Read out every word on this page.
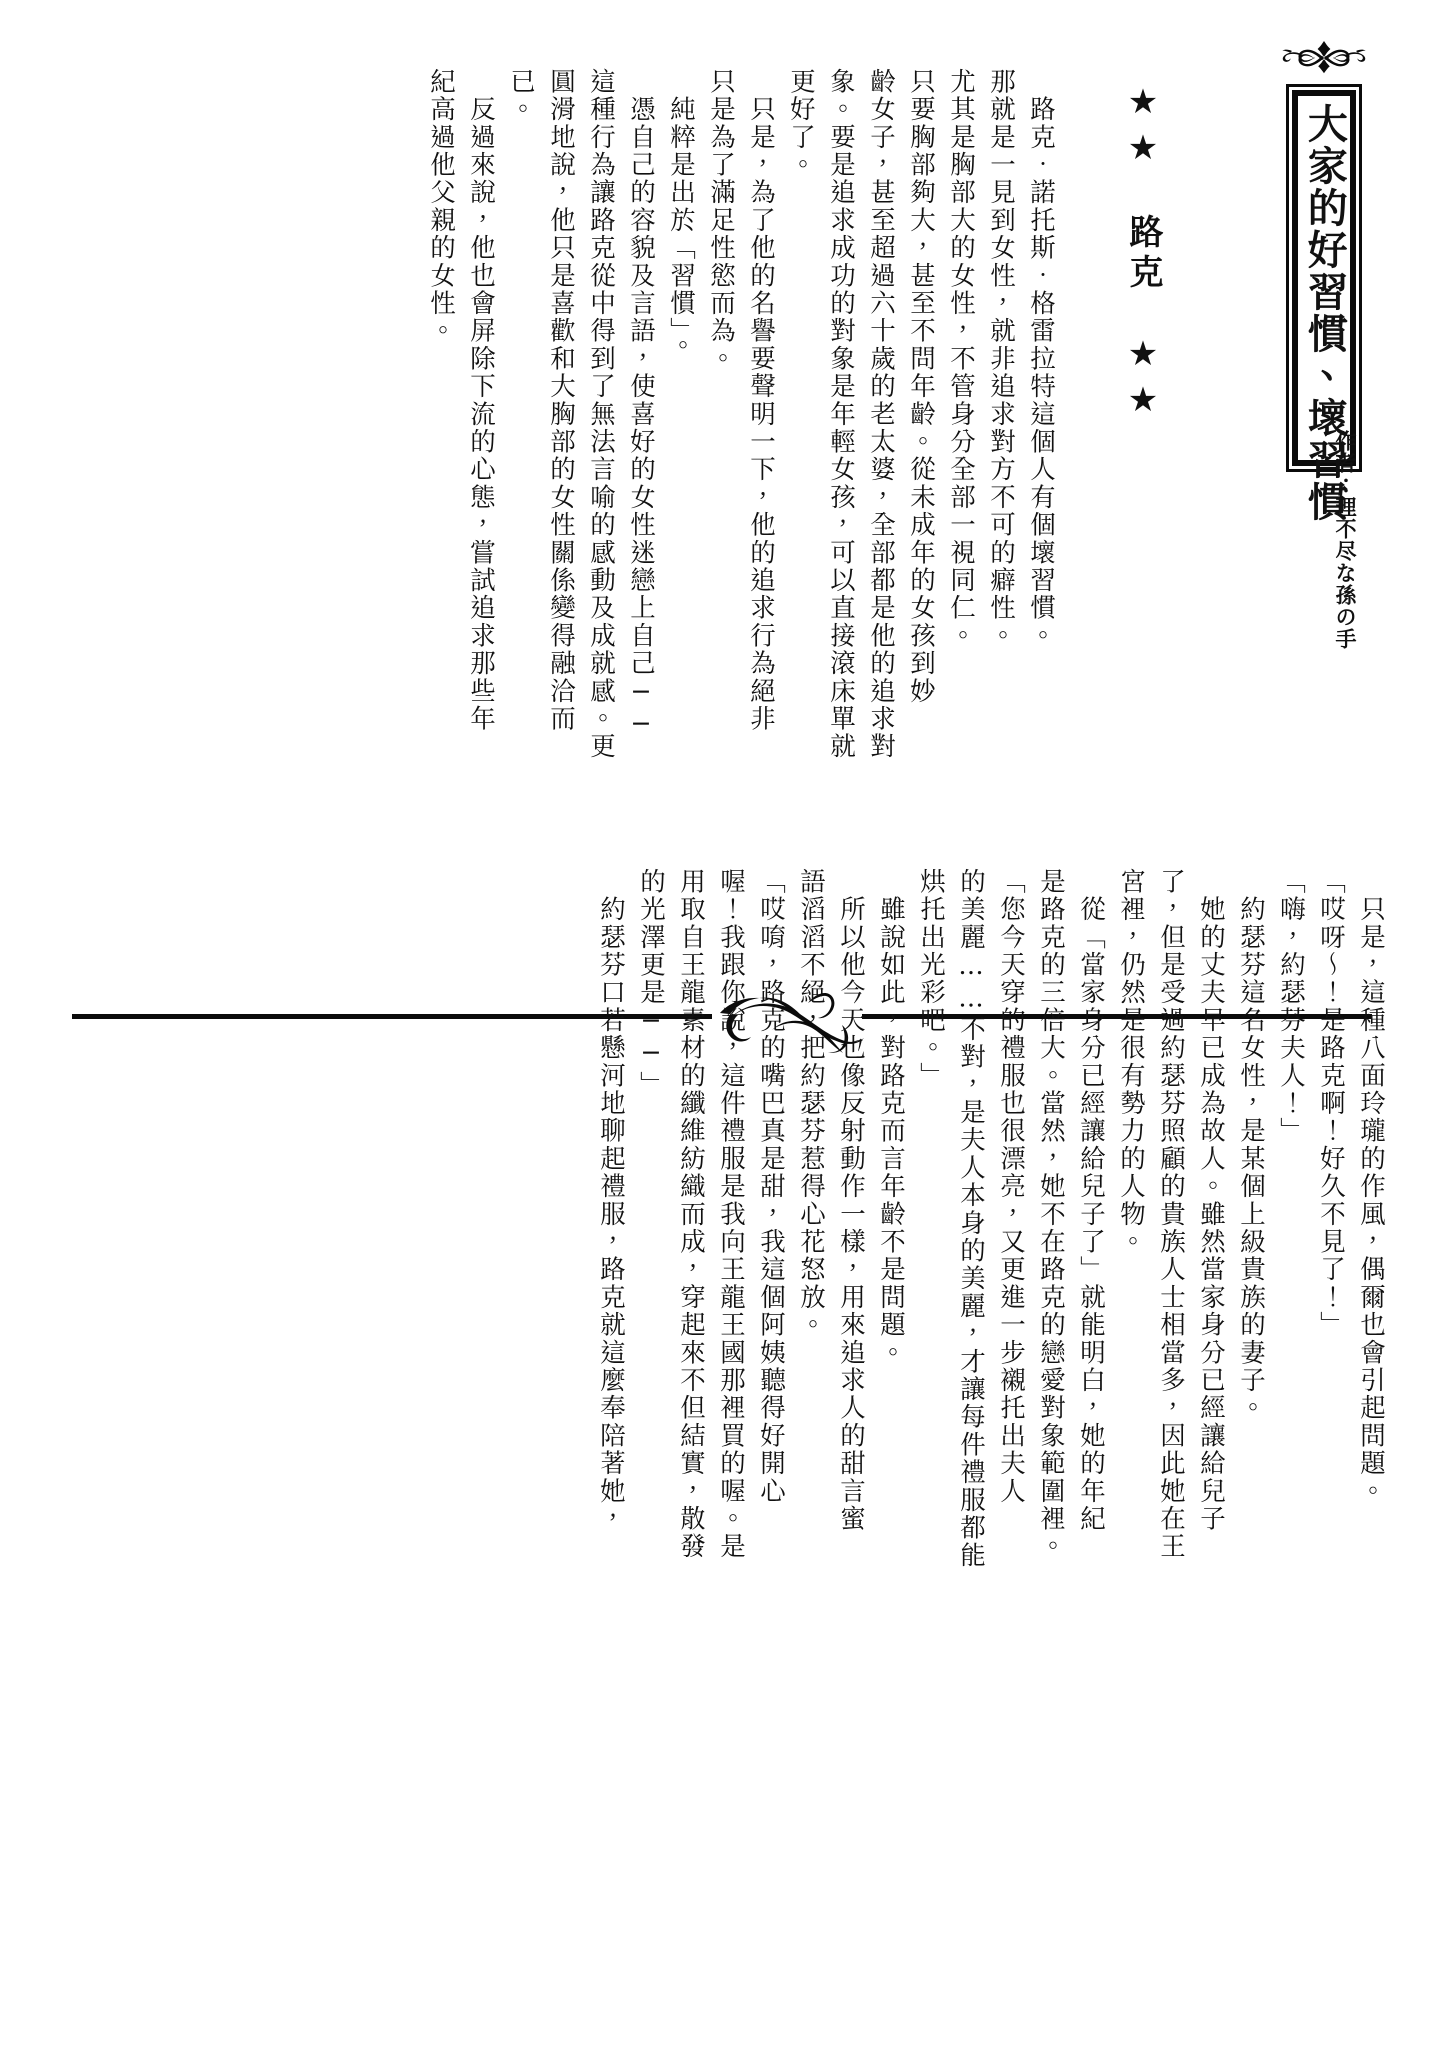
大家的好習慣、壞習慣
作者：理不尽な孫の手
★★　路克　★★
　路克‧諾托斯‧格雷拉特這個人有個壞習慣。
那就是一見到女性，就非追求對方不可的癖性。
尤其是胸部大的女性，不管身分全部一視同仁。
只要胸部夠大，甚至不問年齡。從未成年的女孩到妙
齡女子，甚至超過六十歲的老太婆，全部都是他的追求對
象。要是追求成功的對象是年輕女孩，可以直接滾床單就
更好了。
　只是，為了他的名譽要聲明一下，他的追求行為絕非
只是為了滿足性慾而為。
　純粹是出於「習慣」。
　憑自己的容貌及言語，使喜好的女性迷戀上自己──
這種行為讓路克從中得到了無法言喻的感動及成就感。更
圓滑地說，他只是喜歡和大胸部的女性關係變得融洽而
已。
　反過來說，他也會屏除下流的心態，嘗試追求那些年
紀高過他父親的女性。
　只是，這種八面玲瓏的作風，偶爾也會引起問題。
「哎呀～！是路克啊！好久不見了！」
「嗨，約瑟芬夫人！」
　約瑟芬這名女性，是某個上級貴族的妻子。
　她的丈夫早已成為故人。雖然當家身分已經讓給兒子
了，但是受過約瑟芬照顧的貴族人士相當多，因此她在王
宮裡，仍然是很有勢力的人物。
　從「當家身分已經讓給兒子了」就能明白，她的年紀
是路克的三倍大。當然，她不在路克的戀愛對象範圍裡。
「您今天穿的禮服也很漂亮，又更進一步襯托出夫人
的美麗……不對，是夫人本身的美麗，才讓每件禮服都能
烘托出光彩吧。」
　雖說如此，對路克而言年齡不是問題。
　所以他今天也像反射動作一樣，用來追求人的甜言蜜
語滔滔不絕，把約瑟芬惹得心花怒放。
「哎唷，路克的嘴巴真是甜，我這個阿姨聽得好開心
喔！我跟你說，這件禮服是我向王龍王國那裡買的喔。是
用取自王龍素材的纖維紡織而成，穿起來不但結實，散發
的光澤更是──」
　約瑟芬口若懸河地聊起禮服，路克就這麼奉陪著她，
